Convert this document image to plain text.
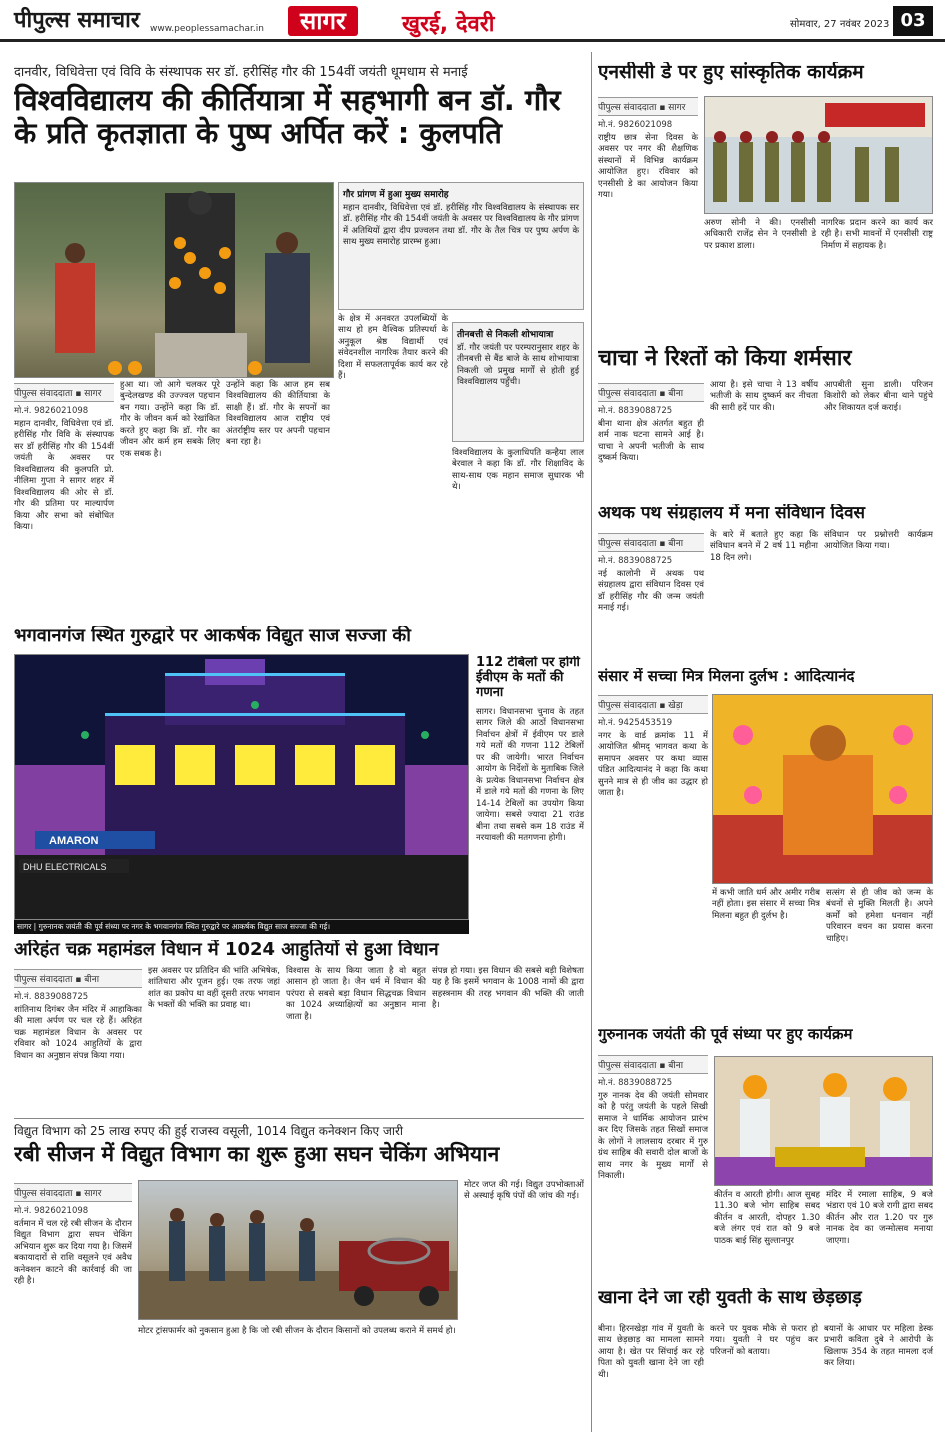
पीपुल्स समाचार www.peoplessamachar.in	सागर	खुरई, देवरी	सोमवार, 27 नवंबर 2023 03
दानवीर, विधिवेत्ता एवं विवि के संस्थापक सर डॉ. हरीसिंह गौर की 154वीं जयंती धूमधाम से मनाई
विश्वविद्यालय की कीर्तियात्रा में सहभागी बन डॉ. गौर के प्रति कृतज्ञाता के पुष्प अर्पित करें : कुलपति
गौर प्रांगण में हुआ मुख्य समारोह
महान दानवीर, विधिवेत्ता एवं डॉ. हरीसिंह गौर विश्वविद्यालय के संस्थापक सर डॉ. हरीसिंह गौर की 154वीं जयंती के अवसर पर विश्वविद्यालय के गौर प्रांगण में अतिथियों द्वारा दीप प्रज्वलन तथा डॉ. गौर के तैल चित्र पर पुष्प अर्पण के साथ मुख्य समारोह प्रारम्भ हुआ।
पीपुल्स संवाददाता ▪ सागर
मो.नं. 9826021098
महान दानवीर, विधिवेत्ता एवं डॉ. हरीसिंह गौर विवि के संस्थापक सर डॉ हरीसिंह गौर की 154वीं जयंती के अवसर पर विश्वविद्यालय की कुलपति प्रो. नीलिमा गुप्ता ने सागर शहर में विश्वविद्यालय की ओर से डॉ. गौर की प्रतिमा पर माल्यार्पण किया और सभा को संबोधित किया।
हुआ था। जो आगे चलकर पूरे बुन्देलखण्ड की उज्ज्वल पहचान बन गया। उन्होंने कहा कि डॉ. गौर के जीवन कर्म को रेखांकित करते हुए कहा कि डॉ. गौर का जीवन और कर्म हम सबके लिए एक सबक है।
उन्होंने कहा कि आज हम सब विश्वविद्यालय की कीर्तियात्रा के साक्षी हैं। डॉ. गौर के सपनों का विश्वविद्यालय आज राष्ट्रीय एवं अंतर्राष्ट्रीय स्तर पर अपनी पहचान बना रहा है।
के क्षेत्र में अनवरत उपलब्धियों के साथ हो हम वैश्विक प्रतिस्पर्धा के अनुकूल श्रेष्ठ विद्यार्थी एवं संवेदनशील नागरिक तैयार करने की दिशा में सफलतापूर्वक कार्य कर रहे हैं।
तीनबत्ती से निकली शोभायात्रा
डॉ. गौर जयंती पर परम्परानुसार शहर के तीनबत्ती से बैंड बाजे के साथ शोभायात्रा निकली जो प्रमुख मार्गों से होती हुई विश्वविद्यालय पहुँची।
विश्वविद्यालय के कुलाधिपति कन्हैया लाल बेरवाल ने कहा कि डॉ. गौर शिक्षाविद के साथ-साथ एक महान समाज सुधारक भी थे।
भगवानगंज स्थित गुरुद्वारे पर आकर्षक विद्युत साज सज्जा की
AMARON
DHU ELECTRICALS
सागर | गुरुनानक जयंती की पूर्व संध्या पर नगर के भगवानगंज स्थित गुरुद्वारे पर आकर्षक विद्युत साज सज्जा की गई।
112 टेबिलों पर होगी ईवीएम के मतों की गणना
सागर। विधानसभा चुनाव के तहत सागर जिले की आठों विधानसभा निर्वाचन क्षेत्रों में ईवीएम पर डाले गये मतों की गणना 112 टेबिलों पर की जायेगी। भारत निर्वाचन आयोग के निर्देशों के मुताबिक जिले के प्रत्येक विधानसभा निर्वाचन क्षेत्र में डाले गये मतों की गणना के लिए 14-14 टेबिलों का उपयोग किया जायेगा। सबसे ज्यादा 21 राउंड बीना तथा सबसे कम 18 राउंड में नरयावली की मतगणना होगी।
अरिहंत चक्र महामंडल विधान में 1024 आहुतियों से हुआ विधान
पीपुल्स संवाददाता ▪ बीना
मो.नं. 8839088725
शांतिनाथ दिगंबर जैन मंदिर में आहाकिका की माला अर्पण पर चल रहे हैं। अरिहंत चक्र महामंडल विधान के अवसर पर रविवार को 1024 आहुतियों के द्वारा विधान का अनुष्ठान संपन्न किया गया।
इस अवसर पर प्रतिदिन की भांति अभिषेक, शांतिधारा और पूजन हुई। एक तरफ जहां शांत का प्रकोप था वहीं दूसरी तरफ भगवान के भक्तों की भक्ति का प्रवाह था।
विश्वास के साथ किया जाता है वो बहुत आसान हो जाता है। जैन धर्म में विधान की परंपरा से सबसे बड़ा विधान सिद्धचक्र विधान का 1024 अच्याक्षित्यों का अनुष्ठान माना जाता है।
संपन्न हो गया। इस विधान की सबसे बड़ी विशेषता यह है कि इसमें भगवान के 1008 नामों की द्वारा सहस्त्रनाम की तरह भगवान की भक्ति की जाती है।
विद्युत विभाग को 25 लाख रुपए की हुई राजस्व वसूली, 1014 विद्युत कनेक्शन किए जारी
रबी सीजन में विद्युत विभाग का शुरू हुआ सघन चेकिंग अभियान
पीपुल्स संवाददाता ▪ सागर
मो.नं. 9826021098
वर्तमान में चल रहे रबी सीजन के दौरान विद्युत विभाग द्वारा सघन चेकिंग अभियान शुरू कर दिया गया है। जिसमें बकायादारों से राशि वसूलने एवं अवैध कनेक्शन काटने की कार्रवाई की जा रही है।
मोटर जप्त की गई। विद्युत उपभोक्ताओं से अस्थाई कृषि पंपों की जांच की गई।
मोटर ट्रांसफार्मर को नुकसान हुआ है कि जो रबी सीजन के दौरान किसानों को उपलब्ध कराने में समर्थ हो।
एनसीसी डे पर हुए सांस्कृतिक कार्यक्रम
पीपुल्स संवाददाता ▪ सागर
मो.नं. 9826021098
राष्ट्रीय छात्र सेना दिवस के अवसर पर नगर की शैक्षणिक संस्थानों में विभिन्न कार्यक्रम आयोजित हुए। रविवार को एनसीसी डे का आयोजन किया गया।
अरुण सोनी ने की। एनसीसी अधिकारी राजेंद्र सेन ने एनसीसी डे पर प्रकाश डाला।
नागरिक प्रदान करने का कार्य कर रही है। सभी मावनों में एनसीसी राष्ट्र निर्माण में सहायक है।
चाचा ने रिश्तों को किया शर्मसार
पीपुल्स संवाददाता ▪ बीना
मो.नं. 8839088725
बीना थाना क्षेत्र अंतर्गत बहुत ही शर्म नाक घटना सामने आई है। चाचा ने अपनी भतीजी के साथ दुष्कर्म किया।
आया है। इसे चाचा ने 13 वर्षीय भतीजी के साथ दुष्कर्म कर नीचता की सारी हदें पार की।
आपबीती सुना डाली। परिजन किशोरी को लेकर बीना थाने पहुंचे और शिकायत दर्ज कराई।
अथक पथ संग्रहालय में मना संविधान दिवस
पीपुल्स संवाददाता ▪ बीना
मो.नं. 8839088725
नई कालोनी में अथक पथ संग्रहालय द्वारा संविधान दिवस एवं डॉ हरीसिंह गौर की जन्म जयंती मनाई गई।
के बारे में बताते हुए कहा कि संविधान बनने में 2 वर्ष 11 महीना 18 दिन लगे।
संविधान पर प्रश्नोत्तरी कार्यक्रम आयोजित किया गया।
संसार में सच्चा मित्र मिलना दुर्लभ : आदित्यानंद
पीपुल्स संवाददाता ▪ खेड़ा
मो.नं. 9425453519
नगर के वार्ड क्रमांक 11 में आयोजित श्रीमद् भागवत कथा के समापन अवसर पर कथा व्यास पंडित आदित्यानंद ने कहा कि कथा सुनने मात्र से ही जीव का उद्धार हो जाता है।
में कभी जाति धर्म और अमीर गरीब नहीं होता। इस संसार में सच्चा मित्र मिलना बहुत ही दुर्लभ है।
सत्संग से ही जीव को जन्म के बंधनों से मुक्ति मिलती है। अपने कर्मों को हमेशा धनवान नहीं परिवारन वचन का प्रयास करना चाहिए।
गुरुनानक जयंती की पूर्व संध्या पर हुए कार्यक्रम
पीपुल्स संवाददाता ▪ बीना
मो.नं. 8839088725
गुरु नानक देव की जयंती सोमवार को है परंतु जयंती के पहले सिखी समाज ने धार्मिक आयोजन प्रारंभ कर दिए जिसके तहत सिखों समाज के लोगों ने लालसाय दरबार में गुरु ग्रंथ साहिब की सवारी दोल बाजों के साथ नगर के मुख्य मार्गों से निकाली।
कीर्तन व आरती होगी। आज सुबह 11.30 बजे भोग साहिब सबद कीर्तन व आरती, दोपहर 1.30 बजे लंगर एवं रात को 9 बजे पाठक बाई सिंह सुल्तानपुर
मंदिर में रमाला साहिब, 9 बजे भंडारा एवं 10 बजे रागी द्वारा सबद कीर्तन और रात 1.20 पर गुरु नानक देव का जन्मोत्सव मनाया जाएगा।
खाना देने जा रही युवती के साथ छेड़छाड़
बीना। हिरनखेड़ा गांव में युवती के साथ छेड़छाड़ का मामला सामने आया है। खेत पर सिंचाई कर रहे पिता को युवती खाना देने जा रही थी।
करने पर युवक मौके से फरार हो गया। युवती ने घर पहुंच कर परिजनों को बताया।
बयानों के आधार पर महिला डेस्क प्रभारी कविता दुबे ने आरोपी के खिलाफ 354 के तहत मामला दर्ज कर लिया।
